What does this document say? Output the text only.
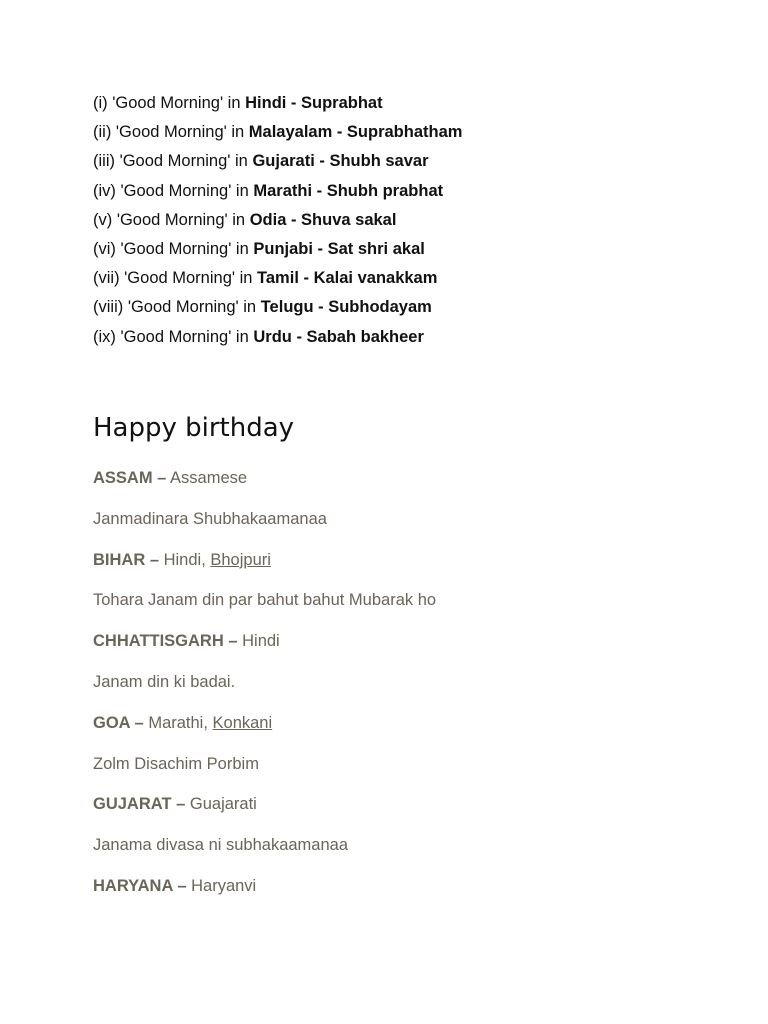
(i) 'Good Morning' in Hindi - Suprabhat
(ii) 'Good Morning' in Malayalam - Suprabhatham
(iii) 'Good Morning' in Gujarati - Shubh savar
(iv) 'Good Morning' in Marathi - Shubh prabhat
(v) 'Good Morning' in Odia - Shuva sakal
(vi) 'Good Morning' in Punjabi - Sat shri akal
(vii) 'Good Morning' in Tamil - Kalai vanakkam
(viii) 'Good Morning' in Telugu - Subhodayam
(ix) 'Good Morning' in Urdu - Sabah bakheer
Happy birthday
ASSAM – Assamese
Janmadinara Shubhakaamanaa
BIHAR – Hindi, Bhojpuri
Tohara Janam din par bahut bahut Mubarak ho
CHHATTISGARH – Hindi
Janam din ki badai.
GOA – Marathi, Konkani
Zolm Disachim Porbim
GUJARAT – Guajarati
Janama divasa ni subhakaamanaa
HARYANA – Haryanvi
